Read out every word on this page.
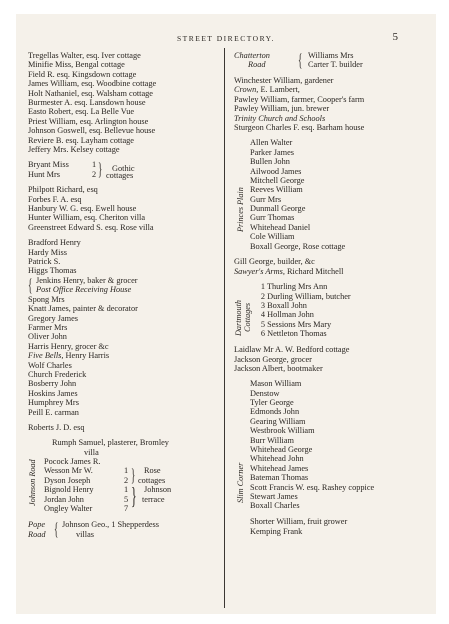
STREET DIRECTORY.	5
Tregellas Walter, esq. Iver cottage
Minifie Miss, Bengal cottage
Field R. esq. Kingsdown cottage
James William, esq. Woodbine cottage
Holt Nathaniel, esq. Walsham cottage
Burmester A. esq. Lansdown house
Easto Robert, esq. La Belle Vue
Priest William, esq. Arlington house
Johnson Goswell, esq. Bellevue house
Reviere B. esq. Layham cottage
Jeffery Mrs. Kelsey cottage
Bryant Miss	1
Hunt Mrs	2 } Gothic
cottages
Philpott Richard, esq
Forbes F. A. esq
Hanbury W. G. esq. Ewell house
Hunter William, esq. Cheriton villa
Greenstreet Edward S. esq. Rose villa
Bradford Henry
Hardy Miss
Patrick S.
Higgs Thomas
{ Jenkins Henry, baker & grocer
Post Office Receiving House
Spong Mrs
Knatt James, painter & decorator
Gregory James
Farmer Mrs
Oliver John
Harris Henry, grocer &c
Five Bells, Henry Harris
Wolf Charles
Church Frederick
Bosberry John
Hoskins James
Humphrey Mrs
Peill E. carman
Roberts J. D. esq
Johnson Road
Rumph Samuel, plasterer, Bromley
villa
Pocock James R.
Wesson Mr W.	1 Rose
Dyson Joseph	2 cottages
Bignold Henry	1 Johnson
Jordan John	5 terrace
Ongley Walter	7
}
}
Pope Johnson Geo., 1 Shepperdess
Road	villas
{
Chatterton	Williams Mrs
Road	Carter T. builder
{
Winchester William, gardener
Crown, E. Lambert,
Pawley William, farmer, Cooper's farm
Pawley William, jun. brewer
Trinity Church and Schools
Sturgeon Charles F. esq. Barham house
Princes Plain
Allen Walter
Parker James
Bullen John
Ailwood James
Mitchell George
Reeves William
Gurr Mrs
Dunmall George
Gurr Thomas
Whitehead Daniel
Cole William
Boxall George, Rose cottage
Gill George, builder, &c
Sawyer's Arms, Richard Mitchell
Dartmouth Cottages
1 Thurling Mrs Ann
2 Durling William, butcher
3 Boxall John
4 Hollman John
5 Sessions Mrs Mary
6 Nettleton Thomas
Laidlaw Mr A. W. Bedford cottage
Jackson George, grocer
Jackson Albert, bootmaker
Slim Corner
Mason William
Denstow
Tyler George
Edmonds John
Gearing William
Westbrook William
Burr William
Whitehead George
Whitehead John
Whitehead James
Bateman Thomas
Scott Francis W. esq. Rashey coppice
Stewart James
Boxall Charles
Shorter William, fruit grower
Kemping Frank
